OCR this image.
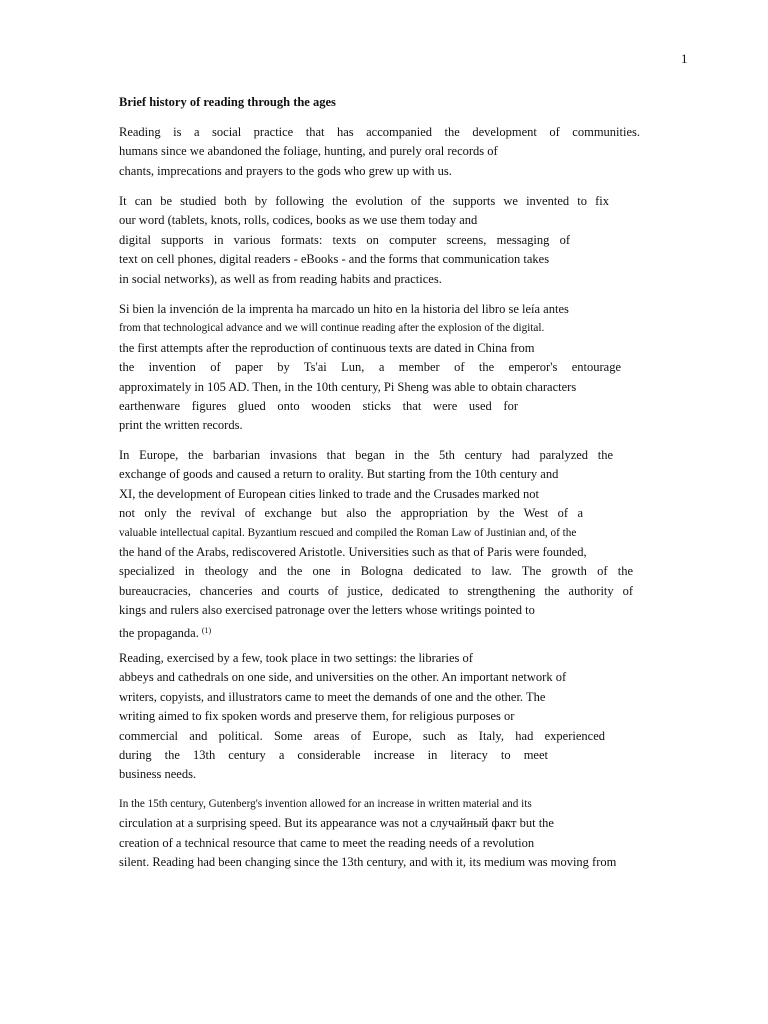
1
Brief history of reading through the ages
Reading is a social practice that has accompanied the development of communities.
humans since we abandoned the foliage, hunting, and purely oral records of
chants, imprecations and prayers to the gods who grew up with us.
It can be studied both by following the evolution of the supports we invented to fix
our word (tablets, knots, rolls, codices, books as we use them today and
digital supports in various formats: texts on computer screens, messaging of
text on cell phones, digital readers - eBooks - and the forms that communication takes
in social networks), as well as from reading habits and practices.
Si bien la invención de la imprenta ha marcado un hito en la historia del libro se leía antes
from that technological advance and we will continue reading after the explosion of the digital.
the first attempts after the reproduction of continuous texts are dated in China from
the invention of paper by Ts'ai Lun, a member of the emperor's entourage
approximately in 105 AD. Then, in the 10th century, Pi Sheng was able to obtain characters
earthenware figures glued onto wooden sticks that were used for
print the written records.
In Europe, the barbarian invasions that began in the 5th century had paralyzed the
exchange of goods and caused a return to orality. But starting from the 10th century and
XI, the development of European cities linked to trade and the Crusades marked not
not only the revival of exchange but also the appropriation by the West of a
valuable intellectual capital. Byzantium rescued and compiled the Roman Law of Justinian and, of the
the hand of the Arabs, rediscovered Aristotle. Universities such as that of Paris were founded,
specialized in theology and the one in Bologna dedicated to law. The growth of the
bureaucracies, chanceries and courts of justice, dedicated to strengthening the authority of
kings and rulers also exercised patronage over the letters whose writings pointed to
the propaganda. $^{(1)}$
Reading, exercised by a few, took place in two settings: the libraries of
abbeys and cathedrals on one side, and universities on the other. An important network of
writers, copyists, and illustrators came to meet the demands of one and the other. The
writing aimed to fix spoken words and preserve them, for religious purposes or
commercial and political. Some areas of Europe, such as Italy, had experienced
during the 13th century a considerable increase in literacy to meet
business needs.
In the 15th century, Gutenberg's invention allowed for an increase in written material and its
circulation at a surprising speed. But its appearance was not a случайный факт but the
creation of a technical resource that came to meet the reading needs of a revolution
silent. Reading had been changing since the 13th century, and with it, its medium was moving from
